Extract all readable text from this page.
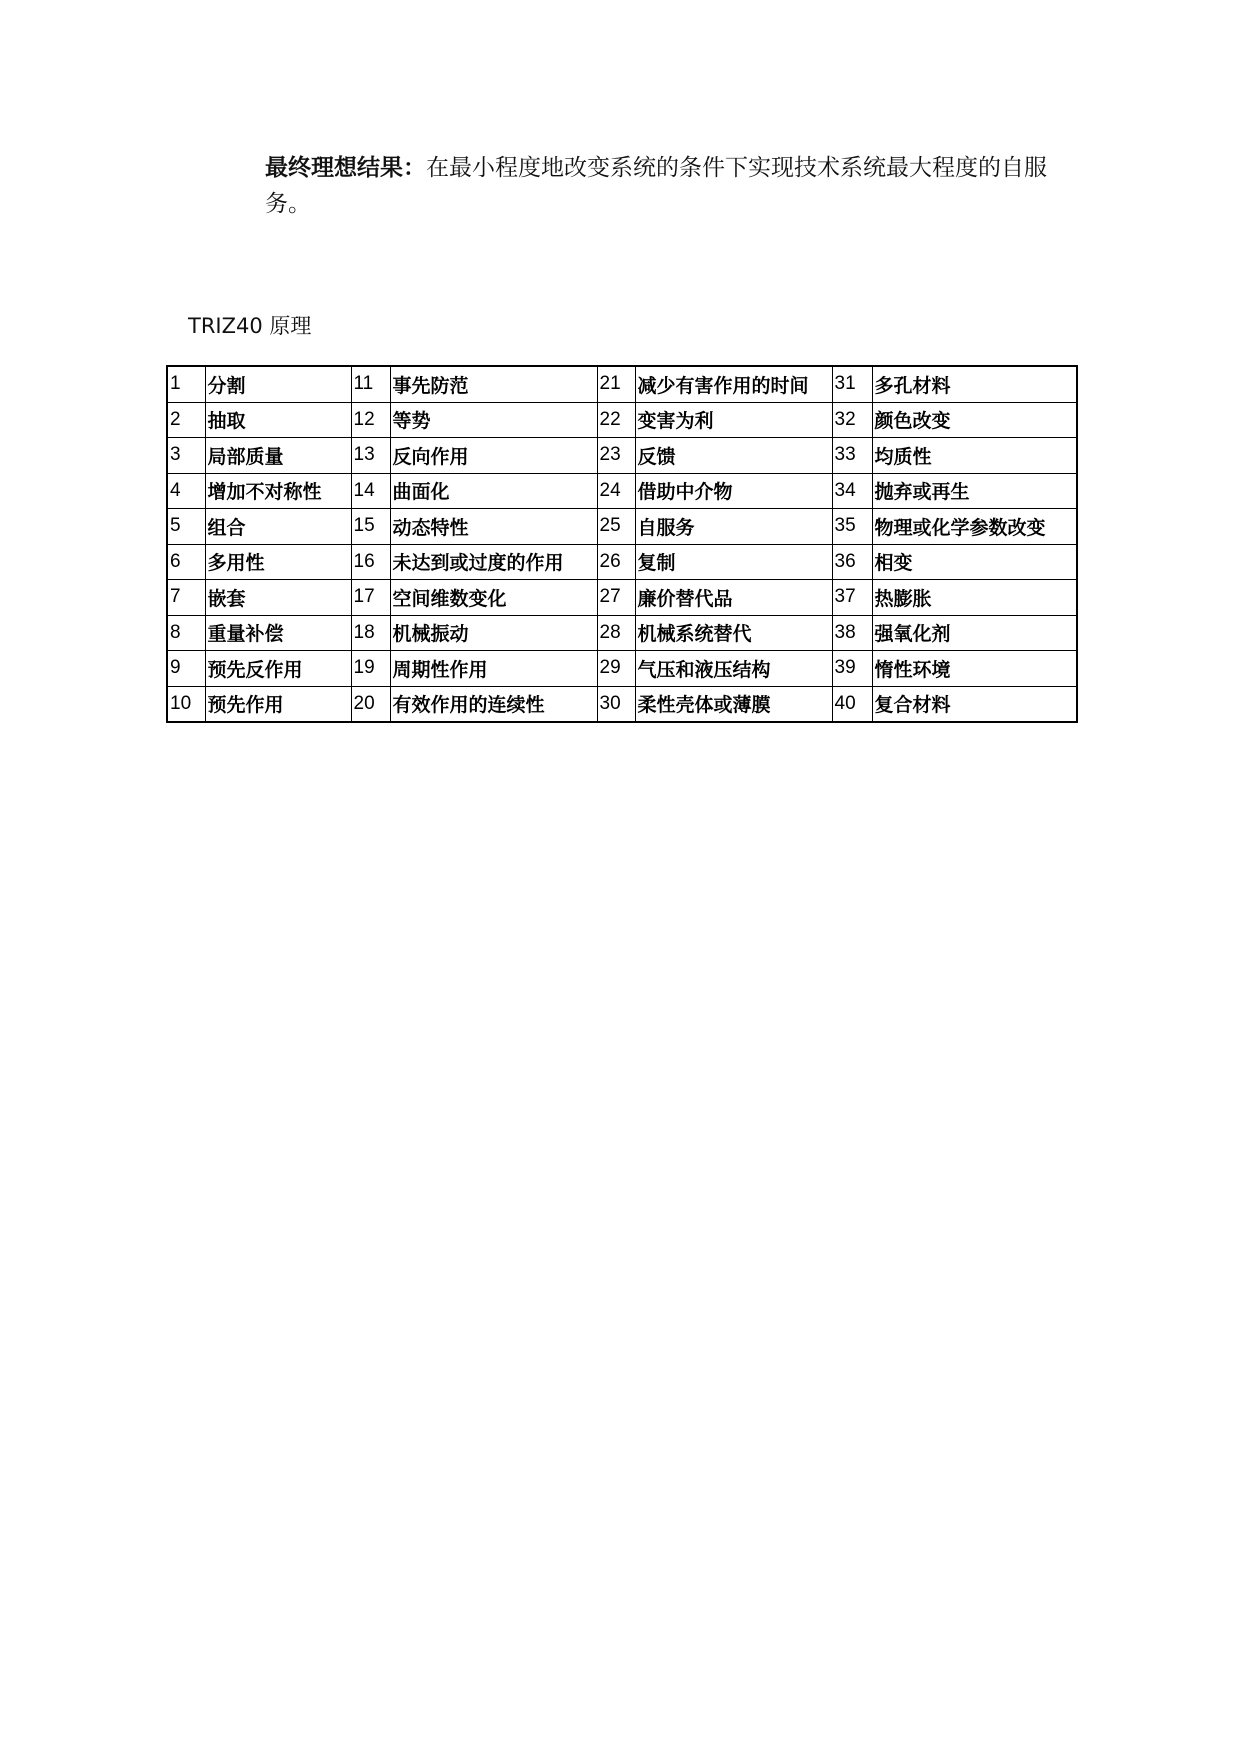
最终理想结果：在最小程度地改变系统的条件下实现技术系统最大程度的自服务。
TRIZ40 原理
1	分割	11	事先防范	21	减少有害作用的时间	31	多孔材料
2	抽取	12	等势	22	变害为利	32	颜色改变
3	局部质量	13	反向作用	23	反馈	33	均质性
4	增加不对称性	14	曲面化	24	借助中介物	34	抛弃或再生
5	组合	15	动态特性	25	自服务	35	物理或化学参数改变
6	多用性	16	未达到或过度的作用	26	复制	36	相变
7	嵌套	17	空间维数变化	27	廉价替代品	37	热膨胀
8	重量补偿	18	机械振动	28	机械系统替代	38	强氧化剂
9	预先反作用	19	周期性作用	29	气压和液压结构	39	惰性环境
10	预先作用	20	有效作用的连续性	30	柔性壳体或薄膜	40	复合材料
